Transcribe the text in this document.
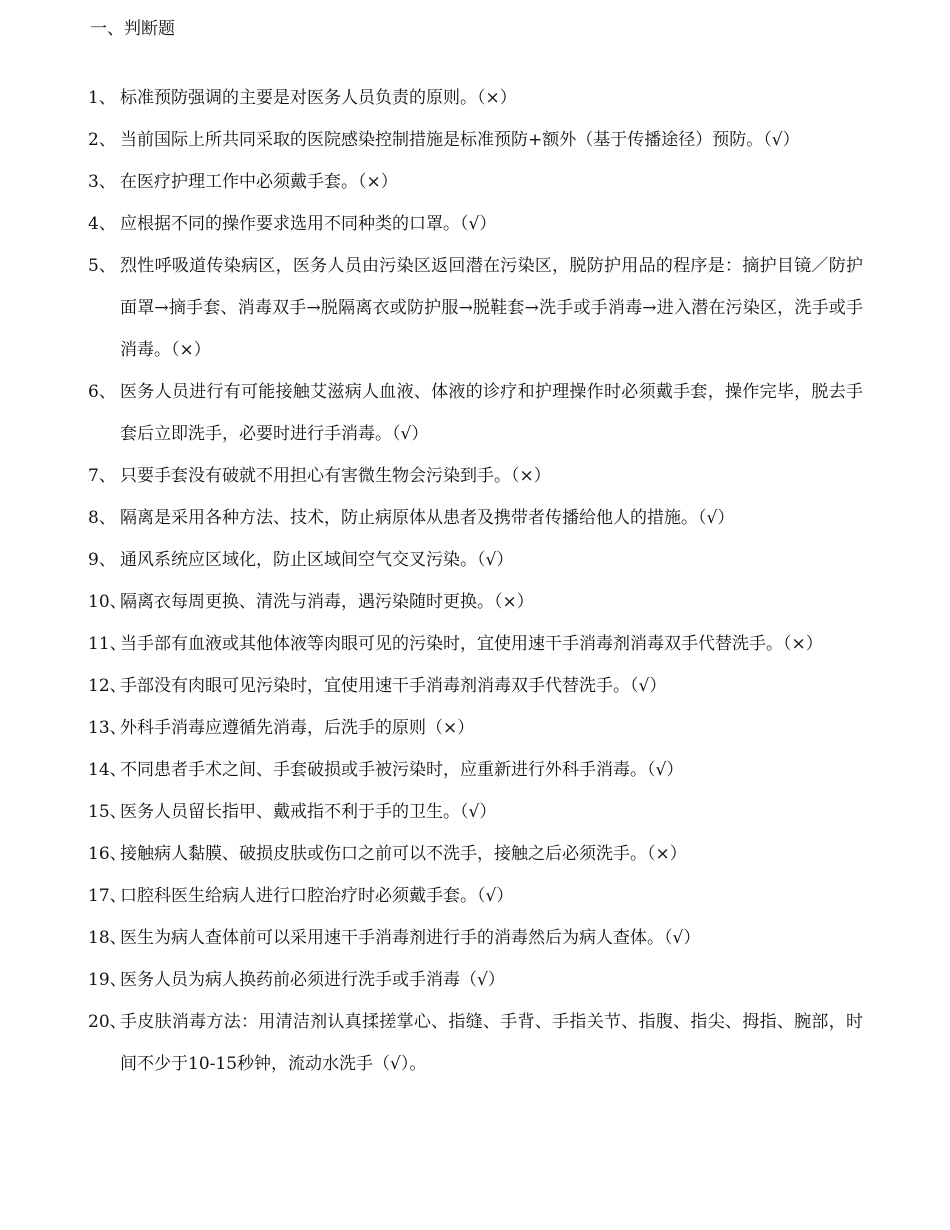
一、判断题
1、 标准预防强调的主要是对医务人员负责的原则。（×）
2、 当前国际上所共同采取的医院感染控制措施是标准预防+额外（基于传播途径）预防。（√）
3、 在医疗护理工作中必须戴手套。（×）
4、 应根据不同的操作要求选用不同种类的口罩。（√）
5、 烈性呼吸道传染病区，医务人员由污染区返回潜在污染区，脱防护用品的程序是：摘护目镜／防护面罩→摘手套、消毒双手→脱隔离衣或防护服→脱鞋套→洗手或手消毒→进入潜在污染区，洗手或手消毒。（×）
6、 医务人员进行有可能接触艾滋病人血液、体液的诊疗和护理操作时必须戴手套，操作完毕，脱去手套后立即洗手，必要时进行手消毒。（√）
7、 只要手套没有破就不用担心有害微生物会污染到手。（×）
8、 隔离是采用各种方法、技术，防止病原体从患者及携带者传播给他人的措施。（√）
9、 通风系统应区域化，防止区域间空气交叉污染。（√）
10、
隔离衣每周更换、清洗与消毒，遇污染随时更换。（×）
11、
当手部有血液或其他体液等肉眼可见的污染时，宜使用速干手消毒剂消毒双手代替洗手。（×）
12、
手部没有肉眼可见污染时，宜使用速干手消毒剂消毒双手代替洗手。（√）
13、
外科手消毒应遵循先消毒，后洗手的原则（×）
14、
不同患者手术之间、手套破损或手被污染时，应重新进行外科手消毒。（√）
15、
医务人员留长指甲、戴戒指不利于手的卫生。（√）
16、
接触病人黏膜、破损皮肤或伤口之前可以不洗手，接触之后必须洗手。（×）
17、
口腔科医生给病人进行口腔治疗时必须戴手套。（√）
18、
医生为病人查体前可以采用速干手消毒剂进行手的消毒然后为病人查体。（√）
19、
医务人员为病人换药前必须进行洗手或手消毒（√）
20、
手皮肤消毒方法：用清洁剂认真揉搓掌心、指缝、手背、手指关节、指腹、指尖、拇指、腕部，时间不少于10-15秒钟，流动水洗手（√）。
